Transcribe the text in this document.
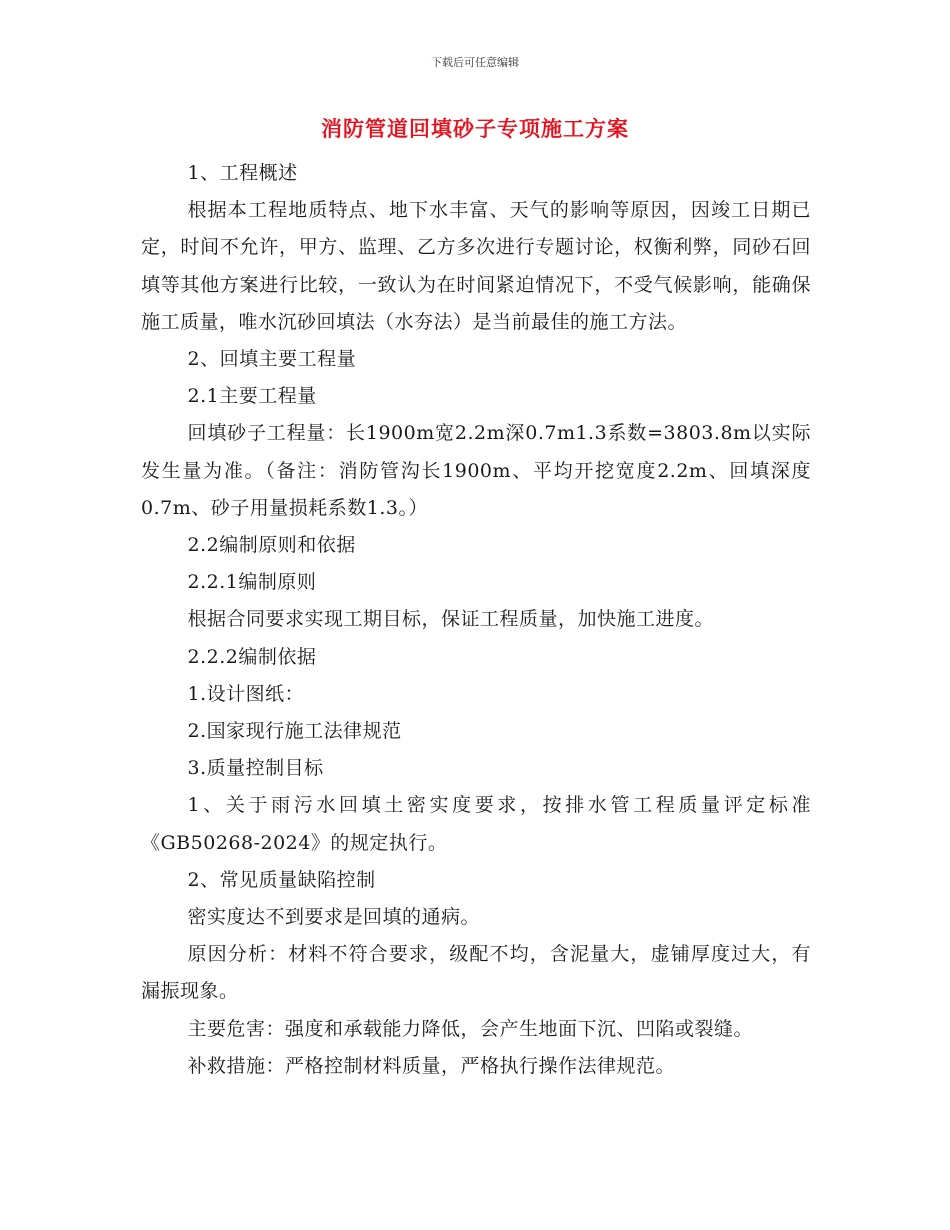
下载后可任意编辑
消防管道回填砂子专项施工方案

1、工程概述

根据本工程地质特点、地下水丰富、天气的影响等原因，因竣工日期已定，时间不允许，甲方、监理、乙方多次进行专题讨论，权衡利弊，同砂石回填等其他方案进行比较，一致认为在时间紧迫情况下，不受气候影响，能确保施工质量，唯水沉砂回填法（水夯法）是当前最佳的施工方法。

2、回填主要工程量

2.1主要工程量

回填砂子工程量：长1900m宽2.2m深0.7m1.3系数=3803.8m以实际发生量为准。（备注：消防管沟长1900m、平均开挖宽度2.2m、回填深度0.7m、砂子用量损耗系数1.3。）

2.2编制原则和依据

2.2.1编制原则

根据合同要求实现工期目标，保证工程质量，加快施工进度。

2.2.2编制依据

1.设计图纸：

2.国家现行施工法律规范

3.质量控制目标

1、关于雨污水回填土密实度要求，按排水管工程质量评定标准《GB50268-2024》的规定执行。

2、常见质量缺陷控制

密实度达不到要求是回填的通病。

原因分析：材料不符合要求，级配不均，含泥量大，虚铺厚度过大，有漏振现象。

主要危害：强度和承载能力降低，会产生地面下沉、凹陷或裂缝。

补救措施：严格控制材料质量，严格执行操作法律规范。
